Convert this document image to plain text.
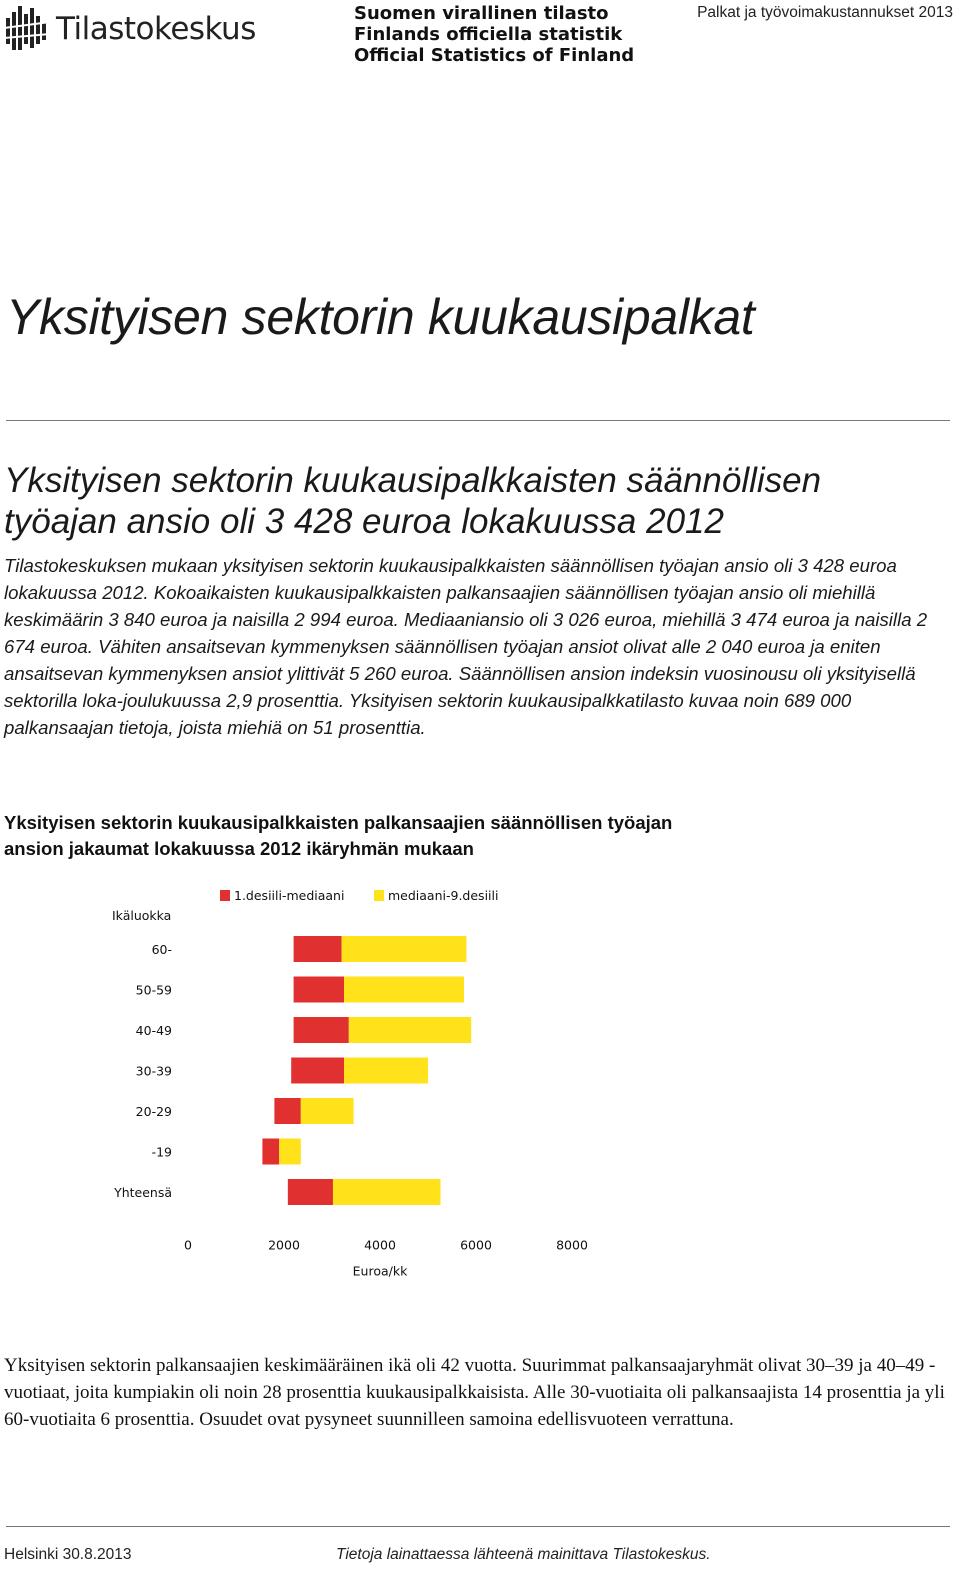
Tilastokeskus	Suomen virallinen tilasto
Finlands officiella statistik
Official Statistics of Finland
Palkat ja työvoimakustannukset 2013
Yksityisen sektorin kuukausipalkat
Yksityisen sektorin kuukausipalkkaisten säännöllisen työajan ansio oli 3 428 euroa lokakuussa 2012
Tilastokeskuksen mukaan yksityisen sektorin kuukausipalkkaisten säännöllisen työajan ansio oli 3 428 euroa lokakuussa 2012. Kokoaikaisten kuukausipalkkaisten palkansaajien säännöllisen työajan ansio oli miehillä keskimäärin 3 840 euroa ja naisilla 2 994 euroa. Mediaaniansio oli 3 026 euroa, miehillä 3 474 euroa ja naisilla 2 674 euroa. Vähiten ansaitsevan kymmenyksen säännöllisen työajan ansiot olivat alle 2 040 euroa ja eniten ansaitsevan kymmenyksen ansiot ylittivät 5 260 euroa. Säännöllisen ansion indeksin vuosinousu oli yksityisellä sektorilla loka-joulukuussa 2,9 prosenttia. Yksityisen sektorin kuukausipalkkatilasto kuvaa noin 689 000 palkansaajan tietoja, joista miehiä on 51 prosenttia.
Yksityisen sektorin kuukausipalkkaisten palkansaajien säännöllisen työajan ansion jakaumat lokakuussa 2012 ikäryhmän mukaan
1.desiili-mediaani	mediaani-9.desiili
Ikäluokka
60-
50-59
40-49
30-39
20-29
-19
Yhteensä
0	2000	4000	6000	8000
Euroa/kk
Yksityisen sektorin palkansaajien keskimääräinen ikä oli 42 vuotta. Suurimmat palkansaajaryhmät olivat 30–39 ja 40–49 -vuotiaat, joita kumpiakin oli noin 28 prosenttia kuukausipalkkaisista. Alle 30-vuotiaita oli palkansaajista 14 prosenttia ja yli 60-vuotiaita 6 prosenttia. Osuudet ovat pysyneet suunnilleen samoina edellisvuoteen verrattuna.
Helsinki 30.8.2013	Tietoja lainattaessa lähteenä mainittava Tilastokeskus.
